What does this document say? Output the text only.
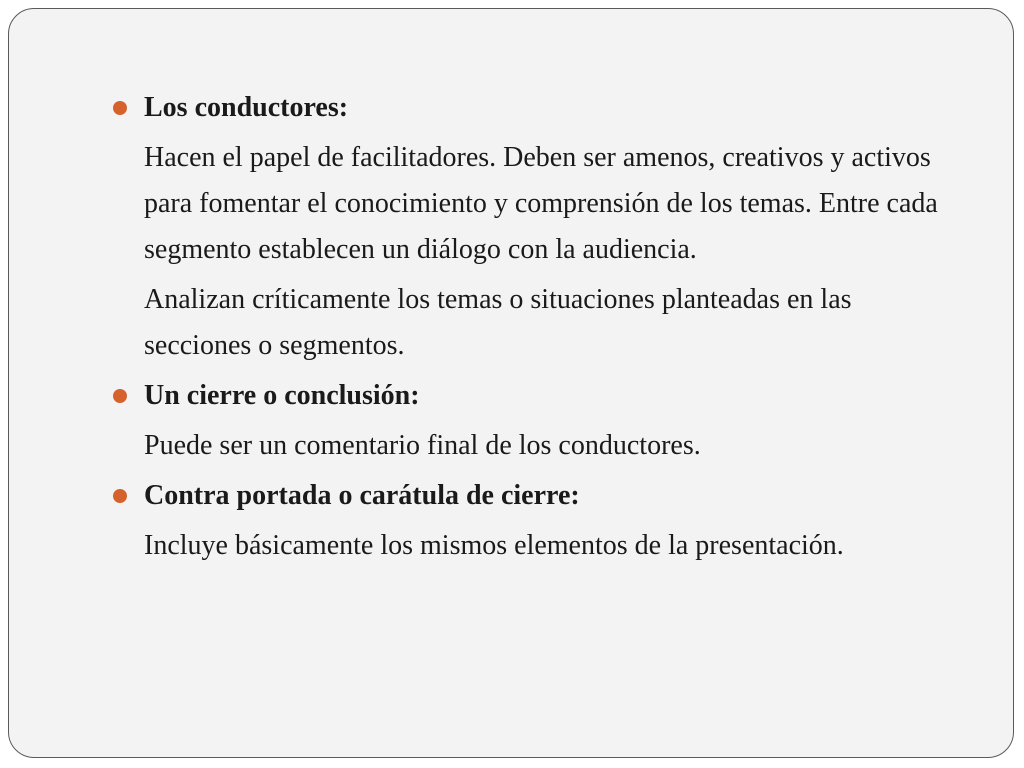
Los conductores:

Hacen el papel de facilitadores. Deben ser amenos, creativos y activos para fomentar el conocimiento y comprensión de los temas. Entre cada segmento establecen un diálogo con la audiencia.

Analizan críticamente los temas o situaciones planteadas en las secciones o segmentos.

Un cierre o conclusión:

Puede ser un comentario final de los conductores.

Contra portada o carátula de cierre:

Incluye básicamente los mismos elementos de la presentación.
